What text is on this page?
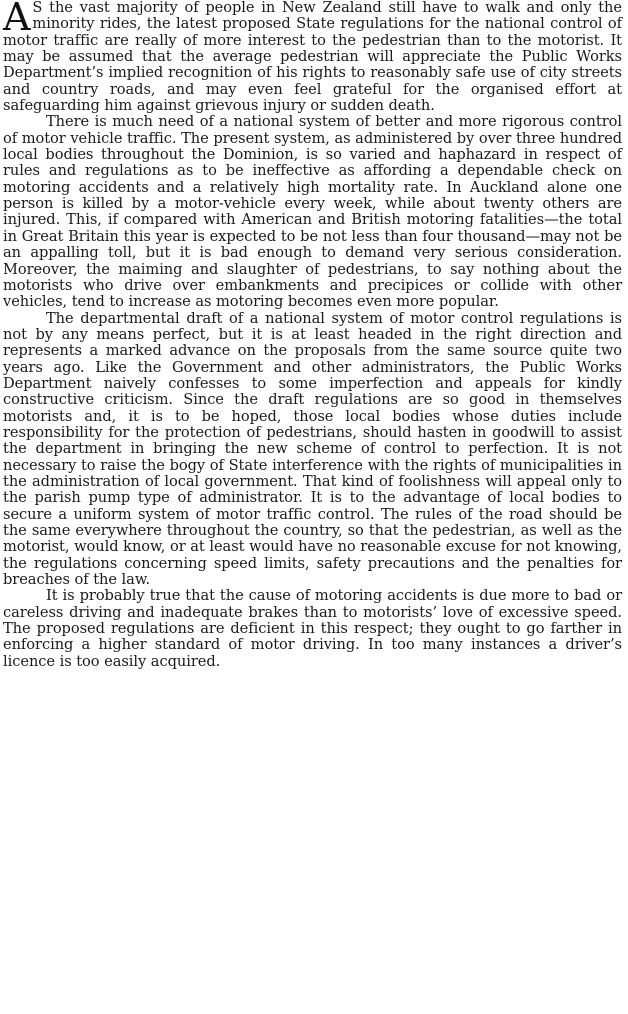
A S the vast majority of people in New Zealand still have to walk and only the minority rides, the latest proposed State regulations for the national control of motor traffic are really of more interest to the pedestrian than to the motorist. It may be assumed that the average pedestrian will appreciate the Public Works Department’s implied recognition of his rights to reasonably safe use of city streets and country roads, and may even feel grateful for the organised effort at safeguarding him against grievous injury or sudden death.

There is much need of a national system of better and more rigorous control of motor vehicle traffic. The present system, as administered by over three hundred local bodies throughout the Dominion, is so varied and haphazard in respect of rules and regulations as to be ineffective as affording a dependable check on motoring accidents and a relatively high mortality rate. In Auckland alone one person is killed by a motor-vehicle every week, while about twenty others are injured. This, if compared with American and British motoring fatalities—the total in Great Britain this year is expected to be not less than four thousand—may not be an appalling toll, but it is bad enough to demand very serious consideration. Moreover, the maiming and slaughter of pedestrians, to say nothing about the motorists who drive over embankments and precipices or collide with other vehicles, tend to increase as motoring becomes even more popular.

The departmental draft of a national system of motor control regulations is not by any means perfect, but it is at least headed in the right direction and represents a marked advance on the proposals from the same source quite two years ago. Like the Government and other administrators, the Public Works Department naively confesses to some imperfection and appeals for kindly constructive criticism. Since the draft regulations are so good in themselves motorists and, it is to be hoped, those local bodies whose duties include responsibility for the protection of pedestrians, should hasten in goodwill to assist the department in bringing the new scheme of control to perfection. It is not necessary to raise the bogy of State interference with the rights of municipalities in the administration of local government. That kind of foolishness will appeal only to the parish pump type of administrator. It is to the advantage of local bodies to secure a uniform system of motor traffic control. The rules of the road should be the same everywhere throughout the country, so that the pedestrian, as well as the motorist, would know, or at least would have no reasonable excuse for not knowing, the regulations concerning speed limits, safety precautions and the penalties for breaches of the law.

It is probably true that the cause of motoring accidents is due more to bad or careless driving and inadequate brakes than to motorists’ love of excessive speed. The proposed regulations are deficient in this respect; they ought to go farther in enforcing a higher standard of motor driving. In too many instances a driver’s licence is too easily acquired.
